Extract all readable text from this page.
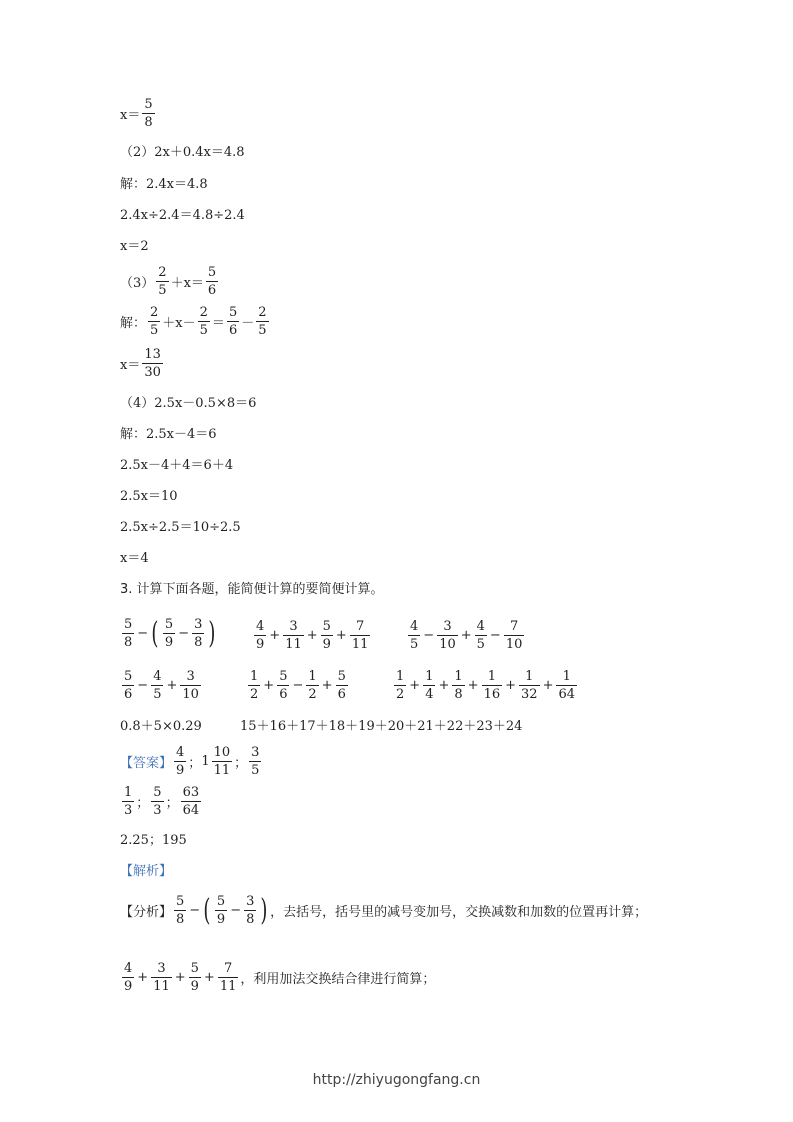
$x= \frac{5}{8}$
（2）2x＋0.4x＝4.8
解：2.4x＝4.8
2.4x÷2.4＝4.8÷2.4
x＝2
$(3) \frac{2}{5} +x= \frac{5}{6}$
解： $\frac{2}{5} +x- \frac{2}{5} = \frac{5}{6} - \frac{2}{5}$
$x= \frac{13}{30}$
（4）2.5x－0.5×8＝6
解：2.5x－4＝6
2.5x－4＋4＝6＋4
2.5x＝10
2.5x÷2.5＝10÷2.5
x＝4
3. 计算下面各题，能简便计算的要简便计算。
$\frac{5}{8}$ − ( $\frac{5}{9} - \frac{3}{8}$ )	$\frac{4}{9} + \frac{3}{11} + \frac{5}{9} + \frac{7}{11}$	$\frac{4}{5} - \frac{3}{10} + \frac{4}{5} - \frac{7}{10}$
$\frac{5}{6} - \frac{4}{5} + \frac{3}{10}$	$\frac{1}{2} + \frac{5}{6} - \frac{1}{2} + \frac{5}{6}$	$\frac{1}{2} + \frac{1}{4} + \frac{1}{8} + \frac{1}{16} + \frac{1}{32} + \frac{1}{64}$
0.8＋5×0.29	15＋16＋17＋18＋19＋20＋21＋22＋23＋24
【答案】 $\frac{4}{9}$ ； $1 \frac{10}{11}$ ； $\frac{3}{5}$
$\frac{1}{3}$ ； $\frac{5}{3}$ ； $\frac{63}{64}$
2.25；195
【解析】
【分析】 $\frac{5}{8}$ − ( $\frac{5}{9} - \frac{3}{8}$ ) ，去括号，括号里的减号变加号，交换减数和加数的位置再计算；
$\frac{4}{9} + \frac{3}{11} + \frac{5}{9} + \frac{7}{11}$ ，利用加法交换结合律进行简算；
http://zhiyugongfang.cn
